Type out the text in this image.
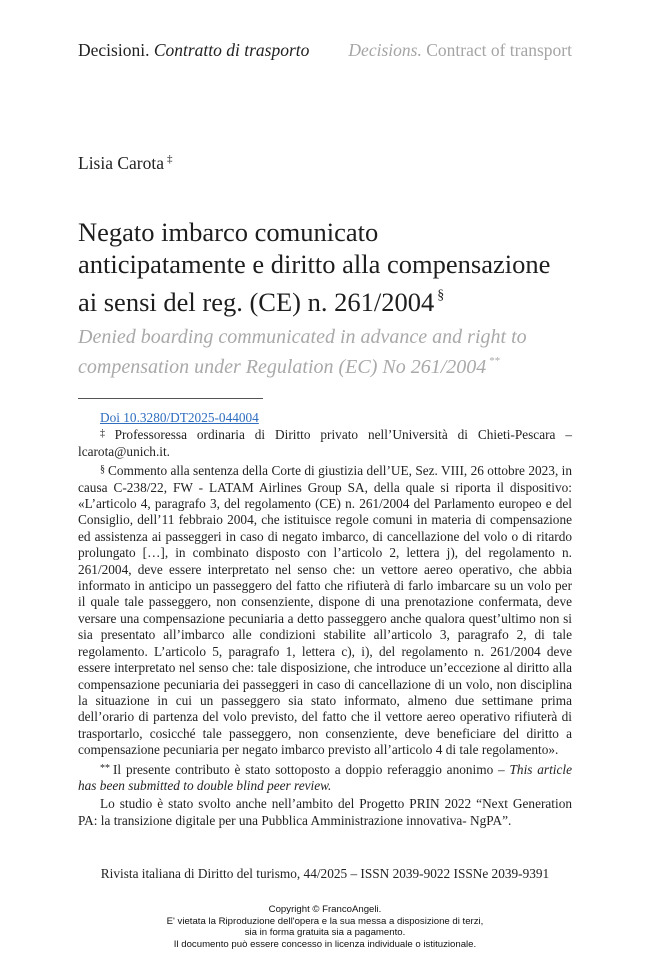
Decisioni. Contratto di trasporto Decisions. Contract of transport
Lisia Carota ‡
Negato imbarco comunicato
anticipatamente e diritto alla compensazione
ai sensi del reg. (CE) n. 261/2004 §
Denied boarding communicated in advance and right to
compensation under Regulation (EC) No 261/2004 **

Doi 10.3280/DT2025-044004

‡ Professoressa ordinaria di Diritto privato nell’Università di Chieti-Pescara – lcarota@unich.it.

§ Commento alla sentenza della Corte di giustizia dell’UE, Sez. VIII, 26 ottobre 2023, in causa C-238/22, FW - LATAM Airlines Group SA, della quale si riporta il dispositivo: «L’articolo 4, paragrafo 3, del regolamento (CE) n. 261/2004 del Parlamento europeo e del Consiglio, dell’11 febbraio 2004, che istituisce regole comuni in materia di compensazione ed assistenza ai passeggeri in caso di negato imbarco, di cancellazione del volo o di ritardo prolungato […], in combinato disposto con l’articolo 2, lettera j), del regolamento n. 261/2004, deve essere interpretato nel senso che: un vettore aereo operativo, che abbia informato in anticipo un passeggero del fatto che rifiuterà di farlo imbarcare su un volo per il quale tale passeggero, non consenziente, dispone di una prenotazione confermata, deve versare una compensazione pecuniaria a detto passeggero anche qualora quest’ultimo non si sia presentato all’imbarco alle condizioni stabilite all’articolo 3, paragrafo 2, di tale regolamento. L’articolo 5, paragrafo 1, lettera c), i), del regolamento n. 261/2004 deve essere interpretato nel senso che: tale disposizione, che introduce un’eccezione al diritto alla compensazione pecuniaria dei passeggeri in caso di cancellazione di un volo, non disciplina la situazione in cui un passeggero sia stato informato, almeno due settimane prima dell’orario di partenza del volo previsto, del fatto che il vettore aereo operativo rifiuterà di trasportarlo, cosicché tale passeggero, non consenziente, deve beneficiare del diritto a compensazione pecuniaria per negato imbarco previsto all’articolo 4 di tale regolamento».

** Il presente contributo è stato sottoposto a doppio referaggio anonimo – This article has been submitted to double blind peer review.

Lo studio è stato svolto anche nell’ambito del Progetto PRIN 2022 “Next Generation PA: la transizione digitale per una Pubblica Amministrazione innovativa- NgPA”.

Rivista italiana di Diritto del turismo, 44/2025 – ISSN 2039-9022 ISSNe 2039-9391
Copyright © FrancoAngeli.
E' vietata la Riproduzione dell'opera e la sua messa a disposizione di terzi,
sia in forma gratuita sia a pagamento.
Il documento può essere concesso in licenza individuale o istituzionale.
